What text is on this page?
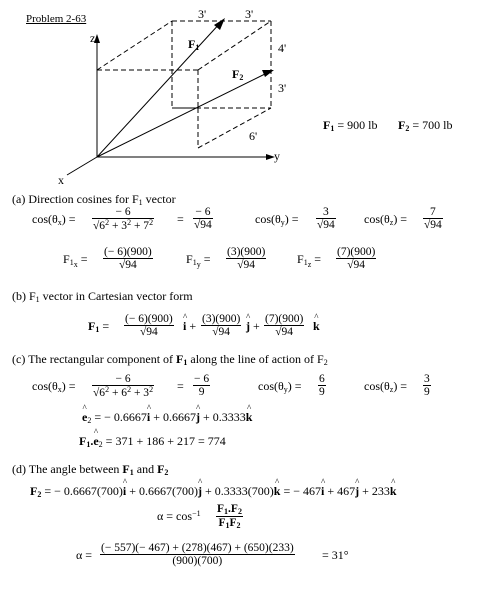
Problem 2-63
z
y
x
3'	3'
4'
3'
6'
$F_1$
$F_2$
$F_1 = 900$ lb $F_2 = 700$ lb
(a) Direction cosines for $F_1$ vector
$\cos(\theta_x) = \frac{- 6}{√6^2 + 3^2 + 7^2} = \frac{- 6}{√94}$	$\cos(\theta_y) = \frac{3}{√94} \cos(\theta_z) = \frac{7}{√94}$
$F_{1_x} = \frac{(- 6)(900)}{√94}$	$F_{1_y} = \frac{(3)(900)}{√94}$	$F_{1_z} = \frac{(7)(900)}{√94}$
(b) $F_1$ vector in Cartesian vector form
$F_1 = \frac{(- 6)(900)}{√94}$ ^ $i + \frac{(3)(900)}{√94}$ ^ $j + \frac{(7)(900)}{√94}$ ^ k
(c) The rectangular component of $F_1$ along the line of action of $F_2$
$\cos(\theta_x) = \frac{- 6}{√6^2 + 6^2 + 3^2} = \frac{- 6}{9}$	$\cos(\theta_y) = \frac{6}{9}$	$\cos(\theta_z) = \frac{3}{9}$
^ $e_2$ = − 0.6667^ i + 0.6667^ j + 0.3333^ k
$F_1.\^{}$ $e_2 = 371 + 186 + 217 = 774$
(d) The angle between $F_1$ and $F_2$
$F_2$ = − 0.6667(700)^ i + 0.6667(700)^ j + 0.3333(700)^ k = − 467^ i + 467^ j + 233^ k
$\alpha = \cos^{-1} \frac{F_1.F_2}{F_1F_2}$
$\alpha = \frac{(- 557)(- 467) + (278)(467) + (650)(233)}{(900)(700)} = 31^\circ$
